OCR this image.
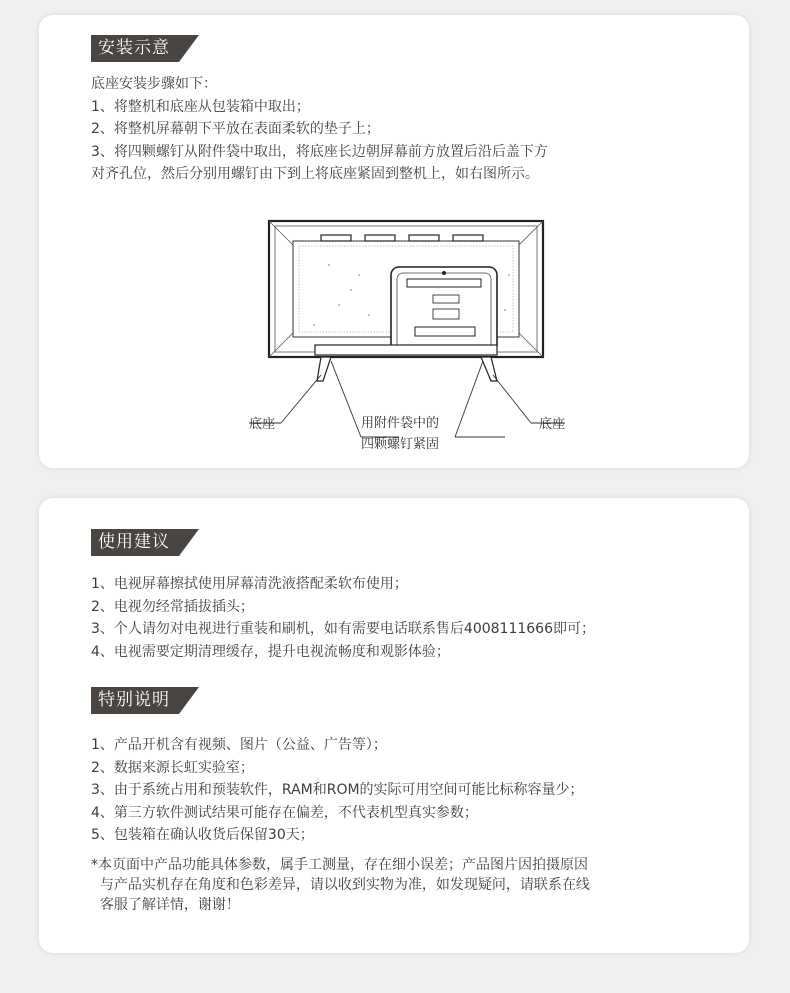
安装示意
底座安装步骤如下：
1、将整机和底座从包装箱中取出；
2、将整机屏幕朝下平放在表面柔软的垫子上；
3、将四颗螺钉从附件袋中取出，将底座长边朝屏幕前方放置后沿后盖下方
对齐孔位，然后分别用螺钉由下到上将底座紧固到整机上，如右图所示。
底座	底座
用附件袋中的
四颗螺钉紧固
使用建议
1、电视屏幕擦拭使用屏幕清洗液搭配柔软布使用；
2、电视勿经常插拔插头；
3、个人请勿对电视进行重装和刷机，如有需要电话联系售后4008111666即可；
4、电视需要定期清理缓存，提升电视流畅度和观影体验；
特别说明
1、产品开机含有视频、图片（公益、广告等）；
2、数据来源长虹实验室；
3、由于系统占用和预装软件，RAM和ROM的实际可用空间可能比标称容量少；
4、第三方软件测试结果可能存在偏差，不代表机型真实参数；
5、包装箱在确认收货后保留30天；
*本页面中产品功能具体参数，属手工测量，存在细小误差；产品图片因拍摄原因
与产品实机存在角度和色彩差异，请以收到实物为准，如发现疑问，请联系在线
客服了解详情，谢谢！
